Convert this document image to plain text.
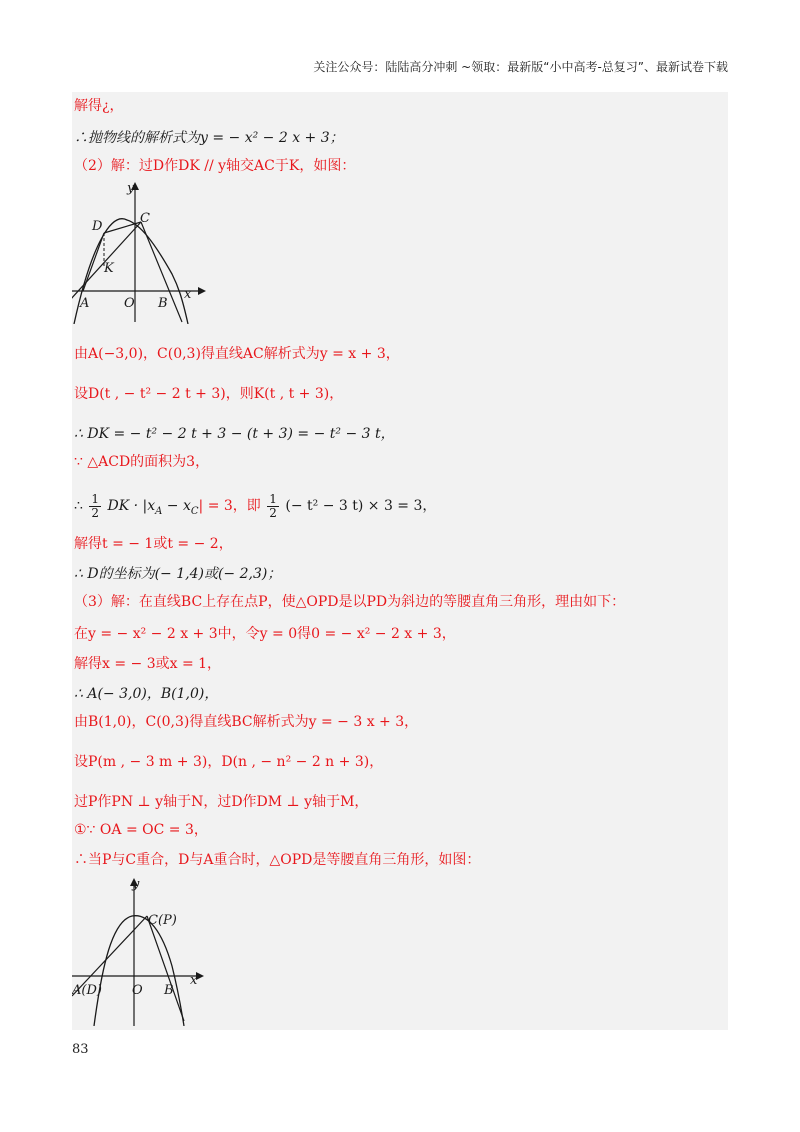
关注公众号：陆陆高分冲刺 ~领取：最新版“小中高考-总复习”、最新试卷下载
解得¿，
∴抛物线的解析式为y = − x² − 2 x + 3；
（2）解：过D作DK // y轴交AC于K，如图：
y
x
D
C
K
A	O B
由A(−3,0)，C(0,3)得直线AC解析式为y = x + 3，
设D(t , − t² − 2 t + 3)，则K(t , t + 3)，
∴ DK = − t² − 2 t + 3 − (t + 3) = − t² − 3 t，
∵ △ACD的面积为3，
∴ $\frac{1}{2}$ DK · $|x_A - x_C| = 3$，即 $\frac{1}{2}$ (− t² − 3 t) × 3 = 3，
解得t = − 1或t = − 2，
∴ D的坐标为(− 1,4)或(− 2,3)；
（3）解：在直线BC上存在点P，使△OPD是以PD为斜边的等腰直角三角形，理由如下：
在y = − x² − 2 x + 3中，令y = 0得0 = − x² − 2 x + 3，
解得x = − 3或x = 1，
∴ A(− 3,0)，B(1,0)，
由B(1,0)，C(0,3)得直线BC解析式为y = − 3 x + 3，
设P(m , − 3 m + 3)，D(n , − n² − 2 n + 3)，
过P作PN ⊥ y轴于N，过D作DM ⊥ y轴于M，
①∵ OA = OC = 3，
∴当P与C重合，D与A重合时，△OPD是等腰直角三角形，如图：
y
x
C(P)
A(D) O B
83
